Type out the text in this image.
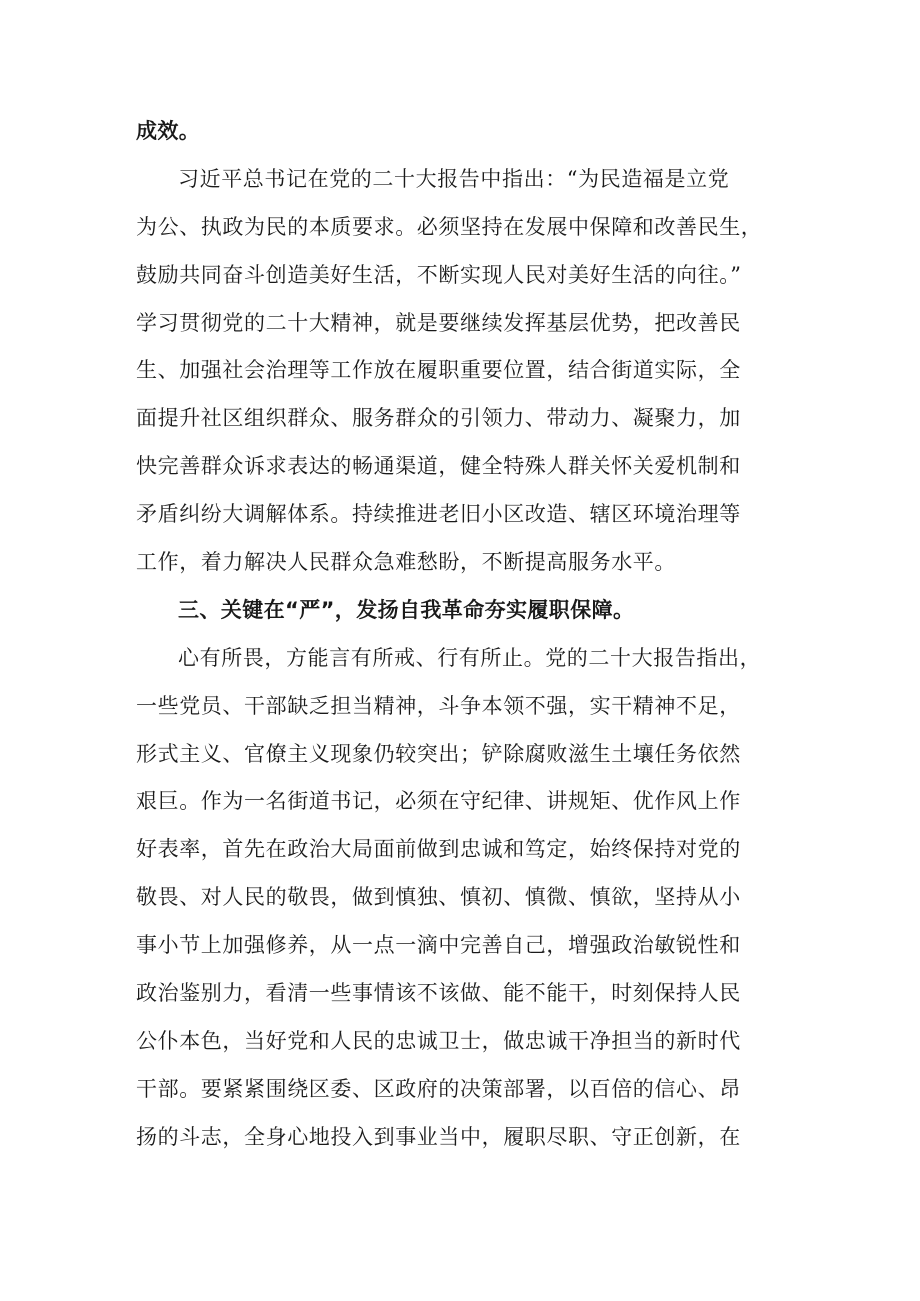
成效。
习近平总书记在党的二十大报告中指出：“为民造福是立党
为公、执政为民的本质要求。必须坚持在发展中保障和改善民生，
鼓励共同奋斗创造美好生活，不断实现人民对美好生活的向往。”
学习贯彻党的二十大精神，就是要继续发挥基层优势，把改善民
生、加强社会治理等工作放在履职重要位置，结合街道实际，全
面提升社区组织群众、服务群众的引领力、带动力、凝聚力，加
快完善群众诉求表达的畅通渠道，健全特殊人群关怀关爱机制和
矛盾纠纷大调解体系。持续推进老旧小区改造、辖区环境治理等
工作，着力解决人民群众急难愁盼，不断提高服务水平。
三、关键在“严”，发扬自我革命夯实履职保障。
心有所畏，方能言有所戒、行有所止。党的二十大报告指出，
一些党员、干部缺乏担当精神，斗争本领不强，实干精神不足，
形式主义、官僚主义现象仍较突出；铲除腐败滋生土壤任务依然
艰巨。作为一名街道书记，必须在守纪律、讲规矩、优作风上作
好表率，首先在政治大局面前做到忠诚和笃定，始终保持对党的
敬畏、对人民的敬畏，做到慎独、慎初、慎微、慎欲，坚持从小
事小节上加强修养，从一点一滴中完善自己，增强政治敏锐性和
政治鉴别力，看清一些事情该不该做、能不能干，时刻保持人民
公仆本色，当好党和人民的忠诚卫士，做忠诚干净担当的新时代
干部。要紧紧围绕区委、区政府的决策部署，以百倍的信心、昂
扬的斗志，全身心地投入到事业当中，履职尽职、守正创新，在
